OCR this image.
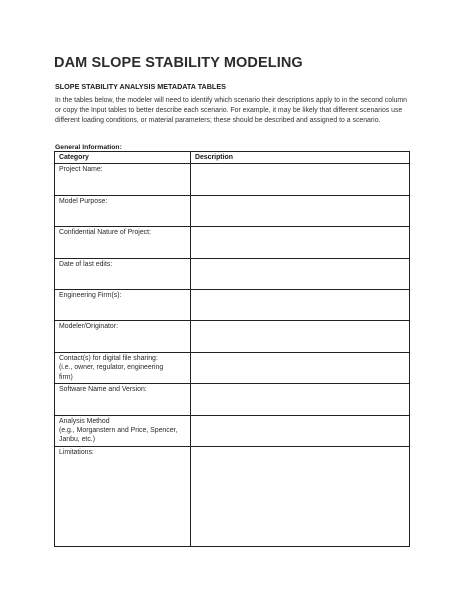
DAM SLOPE STABILITY MODELING
SLOPE STABILITY ANALYSIS METADATA TABLES
In the tables below, the modeler will need to identify which scenario their descriptions apply to in the second column or copy the Input tables to better describe each scenario. For example, it may be likely that different scenarios use different loading conditions, or material parameters; these should be described and assigned to a scenario.
General Information:
Category	Description
Project Name:	
Model Purpose:	
Confidential Nature of Project:	
Date of last edits:	
Engineering Firm(s):	
Modeler/Originator:	
Contact(s) for digital file sharing:
(i.e., owner, regulator, engineering
firm)	
Software Name and Version:	
Analysis Method
(e.g., Morganstern and Price, Spencer,
Janbu, etc.)	
Limitations:	
